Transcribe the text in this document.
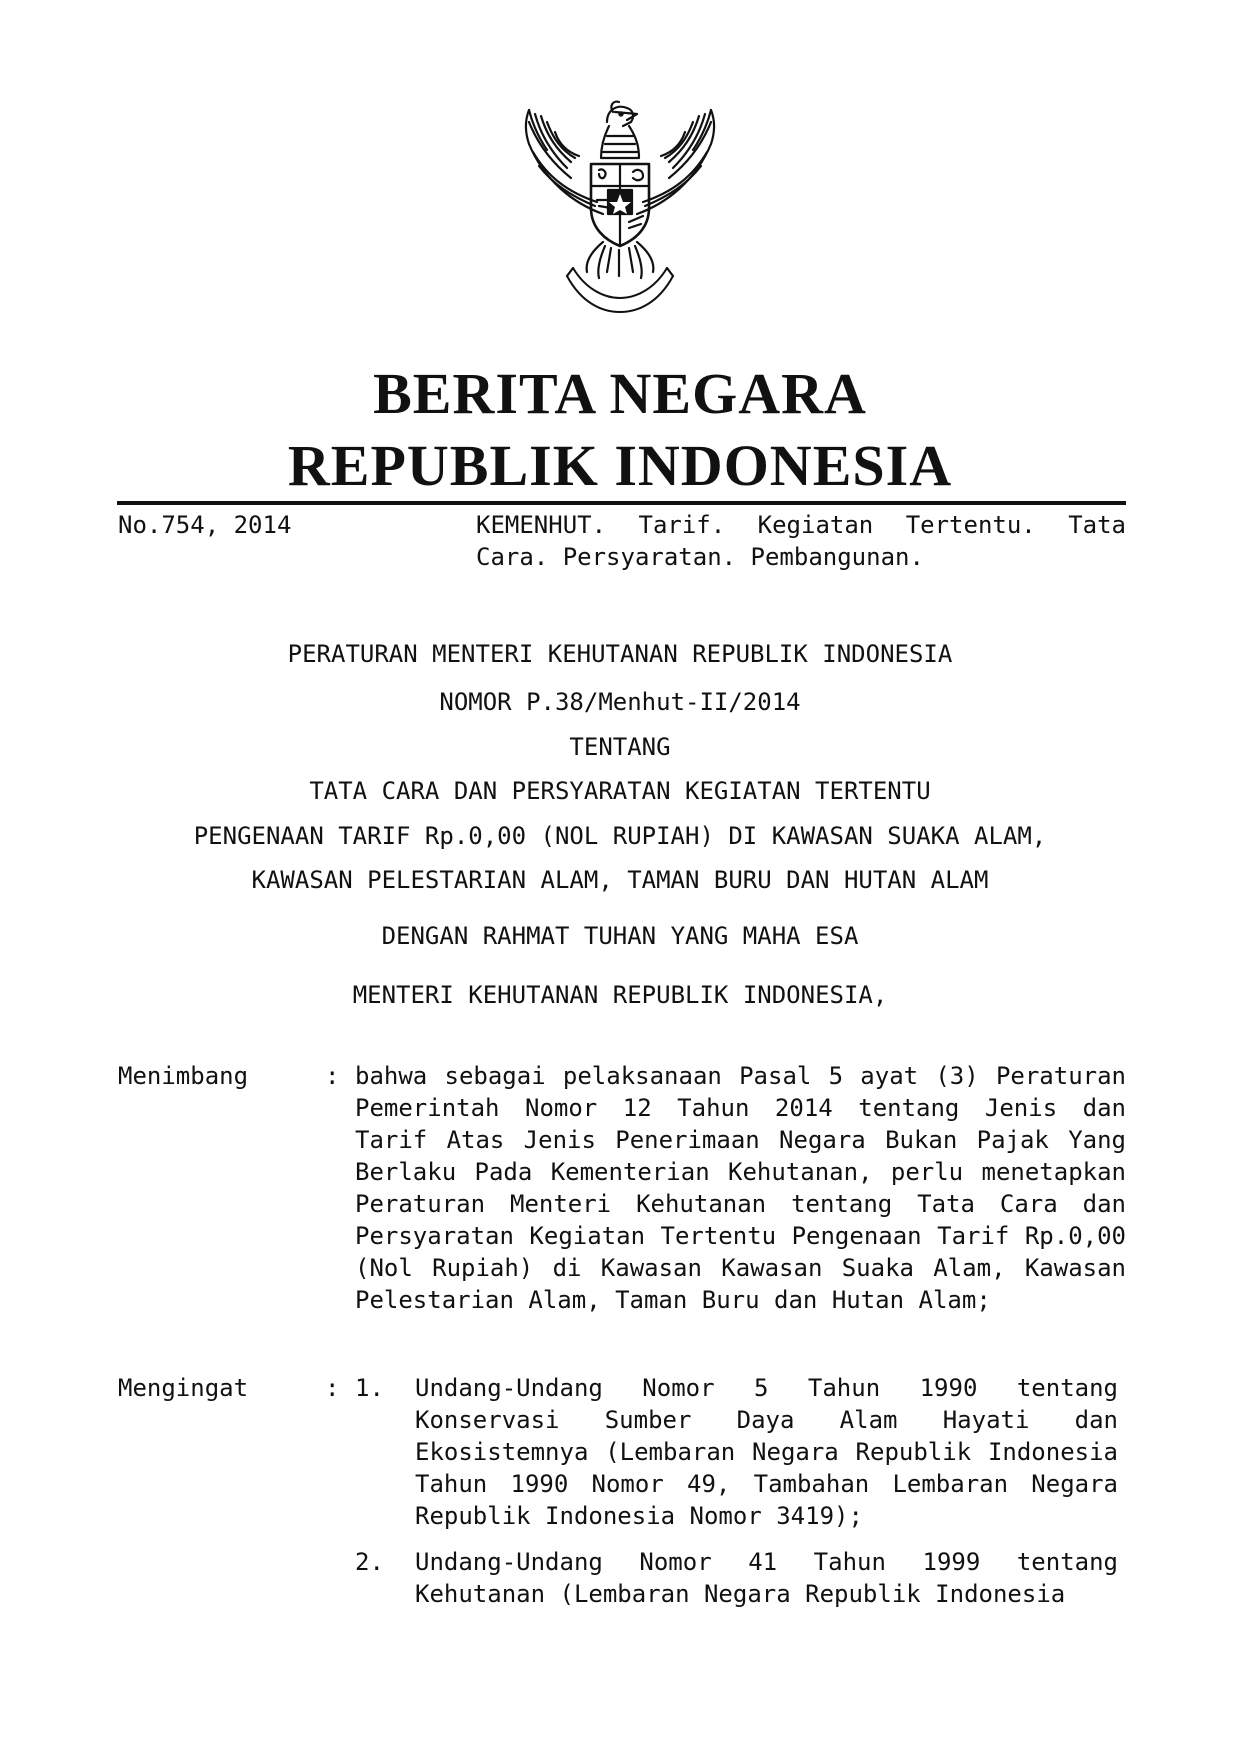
BERITA NEGARA
REPUBLIK INDONESIA
No.754, 2014	KEMENHUT. Tarif. Kegiatan Tertentu. Tata Cara. Persyaratan. Pembangunan.
PERATURAN MENTERI KEHUTANAN REPUBLIK INDONESIA
NOMOR P.38/Menhut-II/2014
TENTANG
TATA CARA DAN PERSYARATAN KEGIATAN TERTENTU
PENGENAAN TARIF Rp.0,00 (NOL RUPIAH) DI KAWASAN SUAKA ALAM,
KAWASAN PELESTARIAN ALAM, TAMAN BURU DAN HUTAN ALAM
DENGAN RAHMAT TUHAN YANG MAHA ESA
MENTERI KEHUTANAN REPUBLIK INDONESIA,
Menimbang	: bahwa sebagai pelaksanaan Pasal 5 ayat (3) Peraturan Pemerintah Nomor 12 Tahun 2014 tentang Jenis dan Tarif Atas Jenis Penerimaan Negara Bukan Pajak Yang Berlaku Pada Kementerian Kehutanan, perlu menetapkan Peraturan Menteri Kehutanan tentang Tata Cara dan Persyaratan Kegiatan Tertentu Pengenaan Tarif Rp.0,00 (Nol Rupiah) di Kawasan Kawasan Suaka Alam, Kawasan Pelestarian Alam, Taman Buru dan Hutan Alam;
Mengingat	: 1. Undang-Undang Nomor 5 Tahun 1990 tentang Konservasi Sumber Daya Alam Hayati dan Ekosistemnya (Lembaran Negara Republik Indonesia Tahun 1990 Nomor 49, Tambahan Lembaran Negara Republik Indonesia Nomor 3419);
2. Undang-Undang Nomor 41 Tahun 1999 tentang Kehutanan (Lembaran Negara Republik Indonesia
